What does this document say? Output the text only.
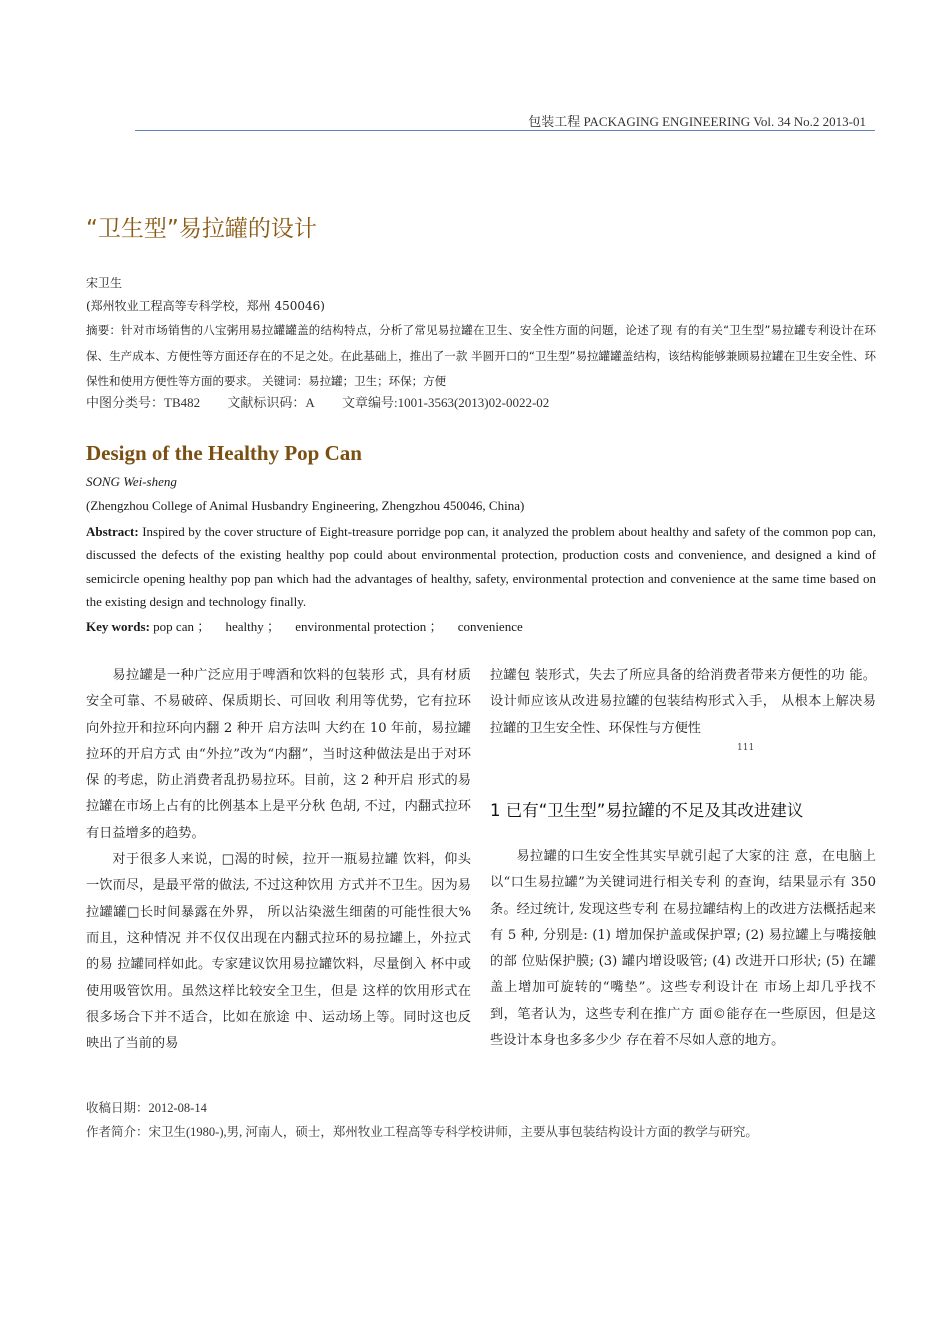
包装工程 PACKAGING ENGINEERING Vol. 34 No.2 2013-01
“卫生型”易拉罐的设计
宋卫生
(郑州牧业工程高等专科学校，郑州 450046)
摘要：针对市场销售的八宝粥用易拉罐罐盖的结构特点，分析了常见易拉罐在卫生、安全性方面的问题，论述了现 有的有关“卫生型”易拉罐专利设计在环保、生产成本、方便性等方面还存在的不足之处。在此基础上，推出了一款 半圆开口的“卫生型”易拉罐罐盖结构，该结构能够兼顾易拉罐在卫生安全性、环保性和使用方便性等方面的要求。 关键词：易拉罐；卫生；环保；方便
中图分类号：TB482 文献标识码：A 文章编号:1001-3563(2013)02-0022-02
Design of the Healthy Pop Can
SONG Wei-sheng
(Zhengzhou College of Animal Husbandry Engineering, Zhengzhou 450046, China)
Abstract: Inspired by the cover structure of Eight-treasure porridge pop can, it analyzed the problem about healthy and safety of the common pop can, discussed the defects of the existing healthy pop could about environmental protection, production costs and convenience, and designed a kind of semicircle opening healthy pop pan which had the advantages of healthy, safety, environmental protection and convenience at the same time based on the existing design and technology finally.
Key words: pop can ； healthy ； environmental protection ； convenience

易拉罐是一种广泛应用于啤酒和饮料的包装形 式，具有材质安全可靠、不易破碎、保质期长、可回收 利用等优势，它有拉环向外拉开和拉环向内翻 2 种开 启方法叫 大约在 10 年前，易拉罐拉环的开启方式 由“外拉”改为“内翻”，当时这种做法是出于对环保 的考虑，防止消费者乱扔易拉环。目前，这 2 种开启 形式的易拉罐在市场上占有的比例基本上是平分秋 色胡, 不过，内翻式拉环有日益增多的趋势。

对于很多人来说，□渴的时候，拉开一瓶易拉罐 饮料，仰头一饮而尽，是最平常的做法, 不过这种饮用 方式并不卫生。因为易拉罐罐□长时间暴露在外界， 所以沾染滋生细菌的可能性很大%而且，这种情况 并不仅仅出现在内翻式拉环的易拉罐上，外拉式的易 拉罐同样如此。专家建议饮用易拉罐饮料，尽量倒入 杯中或使用吸管饮用。虽然这样比较安全卫生，但是 这样的饮用形式在很多场合下并不适合，比如在旅途 中、运动场上等。同时这也反映出了当前的易

拉罐包 装形式，失去了所应具备的给消费者带来方便性的功 能。设计师应该从改进易拉罐的包装结构形式入手， 从根本上解决易拉罐的卫生安全性、环保性与方便性

111
1 已有“卫生型”易拉罐的不足及其改进建议

易拉罐的口生安全性其实早就引起了大家的注 意，在电脑上以“口生易拉罐”为关键词进行相关专利 的查询，结果显示有 350 条。经过统计, 发现这些专利 在易拉罐结构上的改进方法概括起来有 5 种, 分别是: (1) 增加保护盖或保护罩; (2) 易拉罐上与嘴接触的部 位贴保护膜; (3) 罐内增设吸管; (4) 改进开口形状; (5) 在罐盖上增加可旋转的“嘴垫”。这些专利设计在 市场上却几乎找不到，笔者认为，这些专利在推广方 面©能存在一些原因，但是这些设计本身也多多少少 存在着不尽如人意的地方。

收稿日期：2012-08-14
作者简介：宋卫生(1980-),男, 河南人，硕士，郑州牧业工程高等专科学校讲师，主要从事包装结构设计方面的教学与研究。
